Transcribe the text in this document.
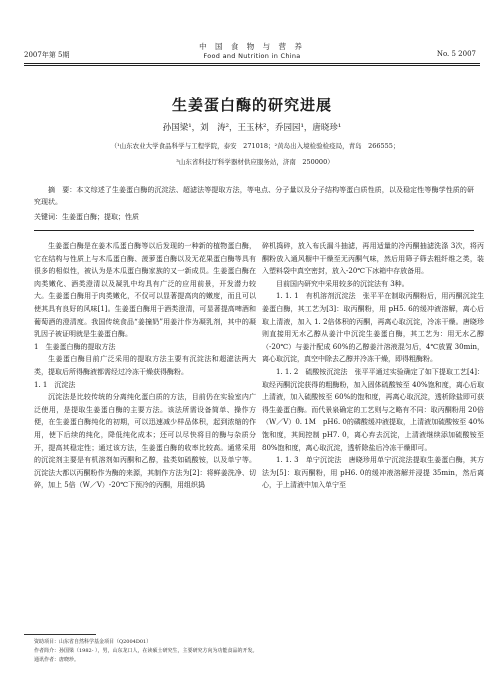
2007年第 5期
中 国 食 物 与 营 养
Food and Nutrition in China	No. 5 2007
生姜蛋白酶的研究进展
孙国梁¹，刘　涛²，王玉林²，乔园园¹，唐晓珍¹
（¹山东农业大学食品科学与工程学院，泰安　271018；²黄岛出入境检验检疫局，青岛　266555；
³山东省科技厅科学器材供应服务站，济南　250000）
摘　要：本文综述了生姜蛋白酶的沉淀法、超滤法等提取方法，等电点、分子量以及分子结构等蛋白质性质，以及稳定性等酶学性质的研究现状。
关键词：生姜蛋白酶；提取；性质

生姜蛋白酶是在姜木瓜蛋白酶等以后发现的一种新的植物蛋白酶，它在结构与性质上与木瓜蛋白酶、菠萝蛋白酶以及无花果蛋白酶等具有很多的相似性，被认为是木瓜蛋白酶家族的又一新成员。生姜蛋白酶在肉类嫩化、酒类澄清以及凝乳中均具有广泛的应用前景，开发潜力较大。生姜蛋白酶用于肉类嫩化，不仅可以显著提高肉的嫩度，而且可以使其具有良好的风味[1]。生姜蛋白酶用于酒类澄清，可显著提高啤酒和葡萄酒的澄清度。我国传统食品“姜撞奶”用姜汁作为凝乳剂，其中的凝乳因子被证明就是生姜蛋白酶。

1　生姜蛋白酶的提取方法

生姜蛋白酶目前广泛采用的提取方法主要有沉淀法和超滤法两大类，提取后所得酶液都需经过冷冻干燥获得酶粉。

1. 1　沉淀法

沉淀法是比较传统的分离纯化蛋白质的方法，目前仍在实验室内广泛使用，是提取生姜蛋白酶的主要方法。该法所需设备简单、操作方便，在生姜蛋白酶纯化的初期，可以迅速减少样品体积，起到浓缩的作用，使下后续的纯化，降低纯化成本；还可以尽快将目的酶与杂质分开，提高其稳定性；通过该方法，生姜蛋白酶的收率比较高。通常采用的沉淀剂主要是有机溶剂如丙酮和乙醇，盐类如硫酸铵，以及单宁等。沉淀法大都以丙酮粉作为酶的来源，其制作方法为[2]：将鲜姜洗净、切碎，加上 5倍（W／V）-20℃下预冷的丙酮，用组织捣

碎机捣碎，放入布氏漏斗抽滤，再用适量的冷丙酮抽滤洗涤 3次，将丙酮粉放入通风橱中干燥至无丙酮气味，然后用筛子筛去粗纤维之类，装入塑料袋中真空密封，放入-20℃下冰箱中存放备用。

目前国内研究中采用较多的沉淀法有 3种。

1. 1. 1　有机溶剂沉淀法　张平平在制取丙酮粉后，用丙酮沉淀生姜蛋白酶，其工艺为[3]：取丙酮粉，用 pH5. 6的缓冲液溶解，离心后取上清液，加入 1. 2倍体积的丙酮，再离心取沉淀，冷冻干燥。唐晓珍则直接用无水乙醇从姜汁中沉淀生姜蛋白酶，其工艺为：用无水乙醇（-20℃）与姜汁配成 60%的乙醇姜汁溶液混匀后，4℃放置 30min，离心取沉淀，真空中除去乙醇并冷冻干燥，即得粗酶粉。

1. 1. 2　硫酸铵沉淀法　张平平通过实验确定了如下提取工艺[4]：取经丙酮沉淀获得的粗酶粉，加入固体硫酸铵至 40%饱和度，离心后取上清液，加入硫酸铵至 60%的饱和度，再离心取沉淀，透析除盐即可获得生姜蛋白酶。而代景泉确定的工艺则与之略有不同：取丙酮粉用 20倍（W／V）0. 1M　pH6. 0的磷酸缓冲液提取，上清液加硫酸铵至 40%饱和度，其间控制 pH7. 0，离心弃去沉淀，上清液继续添加硫酸铵至 80%饱和度，离心取沉淀，透析除盐后冷冻干燥即可。

1. 1. 3　单宁沉淀法　唐晓珍用单宁沉淀法提取生姜蛋白酶，其方法为[5]：取丙酮粉，用 pH6. 0的缓冲液溶解并浸提 35min，然后离心，于上清液中加入单宁至

资助项目：山东省自然科学基金项目（Q2004D01）
作者简介：孙国梁（1982- ），男，山东龙口人，在读硕士研究生，主要研究方向为功能食品的开发。
通讯作者：唐晓珍。
